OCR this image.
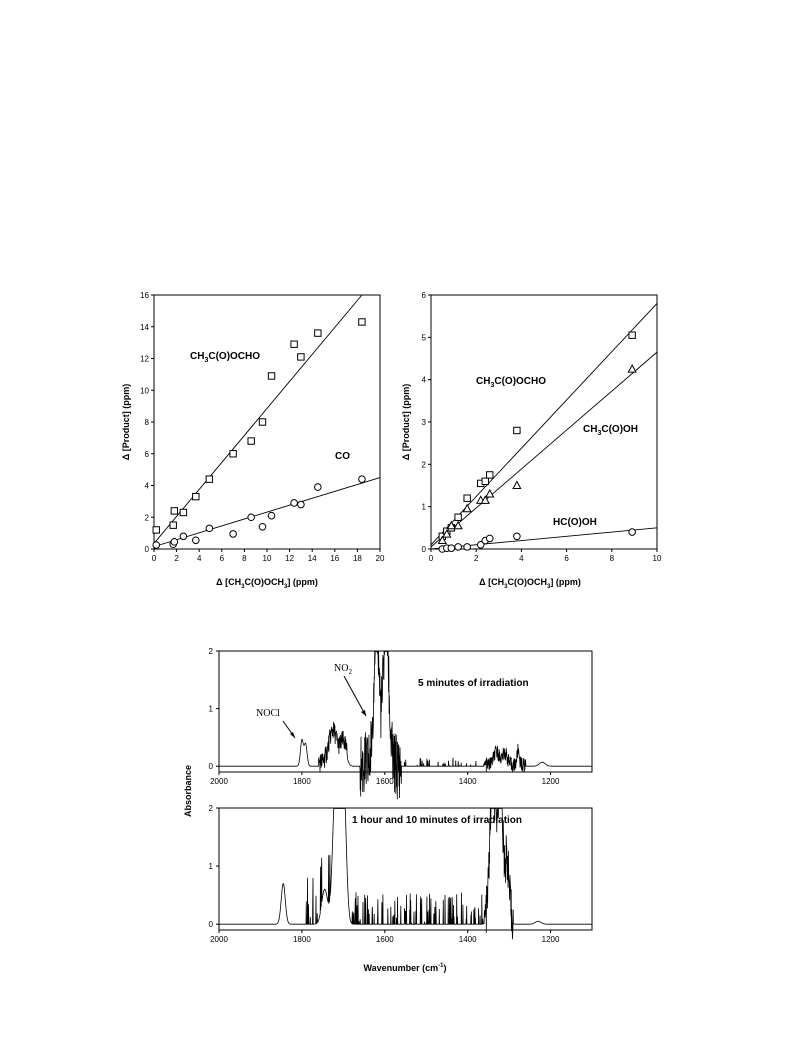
0 2 4 6 8 10 12 14 16 18 20
0
2
4
6
8
10
12
14
16
$CH_3C(O)OCHO$
CO
Δ $[CH_3C(O)OCH_3]$ (ppm)
Δ [Product] (ppm)
0	2	4	6	8	10
0
1
2
3
4
5
6
$CH_3C(O)OCHO$
$CH_3C(O)OH$
HC(O)OH
Δ $[CH_3C(O)OCH_3]$ (ppm)
Δ [Product] (ppm)
2000	1800	1600	1400	1200
0
1
2
5 minutes of irradiation
NOCl
$NO_2$
2000	1800	1600	1400	1200
0
1
2
1 hour and 10 minutes of irradiation
Wavenumber $(cm^{-1})$
Absorbance
